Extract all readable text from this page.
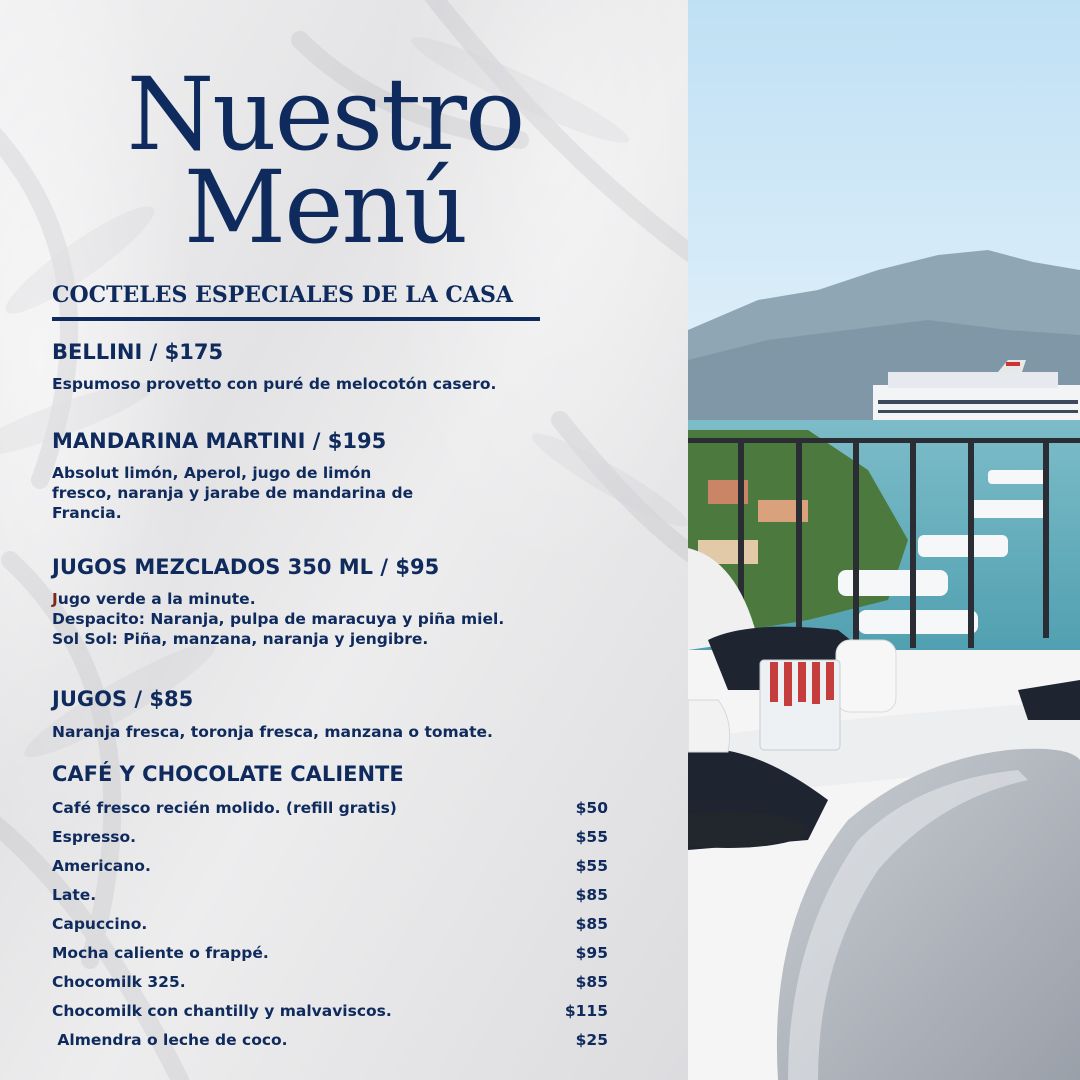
Nuestro
Menú
COCTELES ESPECIALES DE LA CASA
BELLINI / $175

Espumoso provetto con puré de melocotón casero.

MANDARINA MARTINI / $195

Absolut limón, Aperol, jugo de limón
fresco, naranja y jarabe de mandarina de
Francia.

JUGOS MEZCLADOS 350 ML / $95

Jugo verde a la minute.
Despacito: Naranja, pulpa de maracuya y piña miel.
Sol Sol: Piña, manzana, naranja y jengibre.

JUGOS / $85

Naranja fresca, toronja fresca, manzana o tomate.

CAFÉ Y CHOCOLATE CALIENTE
Café fresco recién molido. (refill gratis)	$50
Espresso.	$55
Americano.	$55
Late.	$85
Capuccino.	$85
Mocha caliente o frappé.	$95
Chocomilk 325.	$85
Chocomilk con chantilly y malvaviscos.	$115
Almendra o leche de coco.	$25
